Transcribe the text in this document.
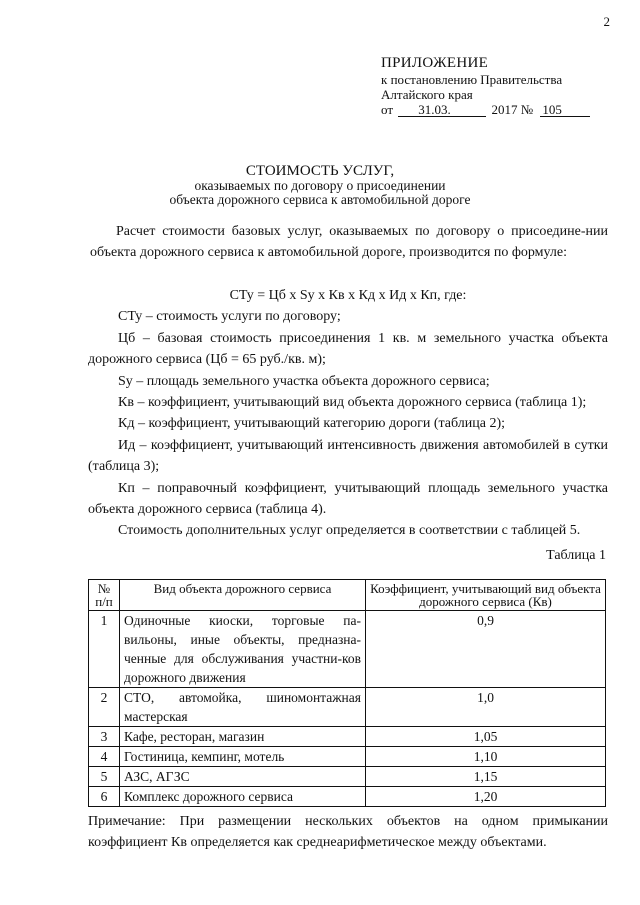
2
ПРИЛОЖЕНИЕ
к постановлению Правительства
Алтайского края
от 31.03.	2017 № 105
СТОИМОСТЬ УСЛУГ,
оказываемых по договору о присоединении
объекта дорожного сервиса к автомобильной дороге
Расчет стоимости базовых услуг, оказываемых по договору о присоедине-нии объекта дорожного сервиса к автомобильной дороге, производится по формуле:
СТу = Цб х Sу х Кв х Кд х Ид х Кп, где:
СТу – стоимость услуги по договору;
Цб – базовая стоимость присоединения 1 кв. м земельного участка объекта дорожного сервиса (Цб = 65 руб./кв. м);
Sу – площадь земельного участка объекта дорожного сервиса;
Кв – коэффициент, учитывающий вид объекта дорожного сервиса (таблица 1);
Кд – коэффициент, учитывающий категорию дороги (таблица 2);
Ид – коэффициент, учитывающий интенсивность движения автомобилей в сутки (таблица 3);
Кп – поправочный коэффициент, учитывающий площадь земельного участка объекта дорожного сервиса (таблица 4).
Стоимость дополнительных услуг определяется в соответствии с таблицей 5.
Таблица 1
№ п/п	Вид объекта дорожного сервиса	Коэффициент, учитывающий вид объекта дорожного сервиса (Кв)
1	Одиночные киоски, торговые па-вильоны, иные объекты, предназна-ченные для обслуживания участни-ков дорожного движения	0,9
2	СТО, автомойка, шиномонтажная мастерская	1,0
3	Кафе, ресторан, магазин	1,05
4	Гостиница, кемпинг, мотель	1,10
5	АЗС, АГЗС	1,15
6	Комплекс дорожного сервиса	1,20
Примечание: При размещении нескольких объектов на одном примыкании коэффициент Кв определяется как среднеарифметическое между объектами.
